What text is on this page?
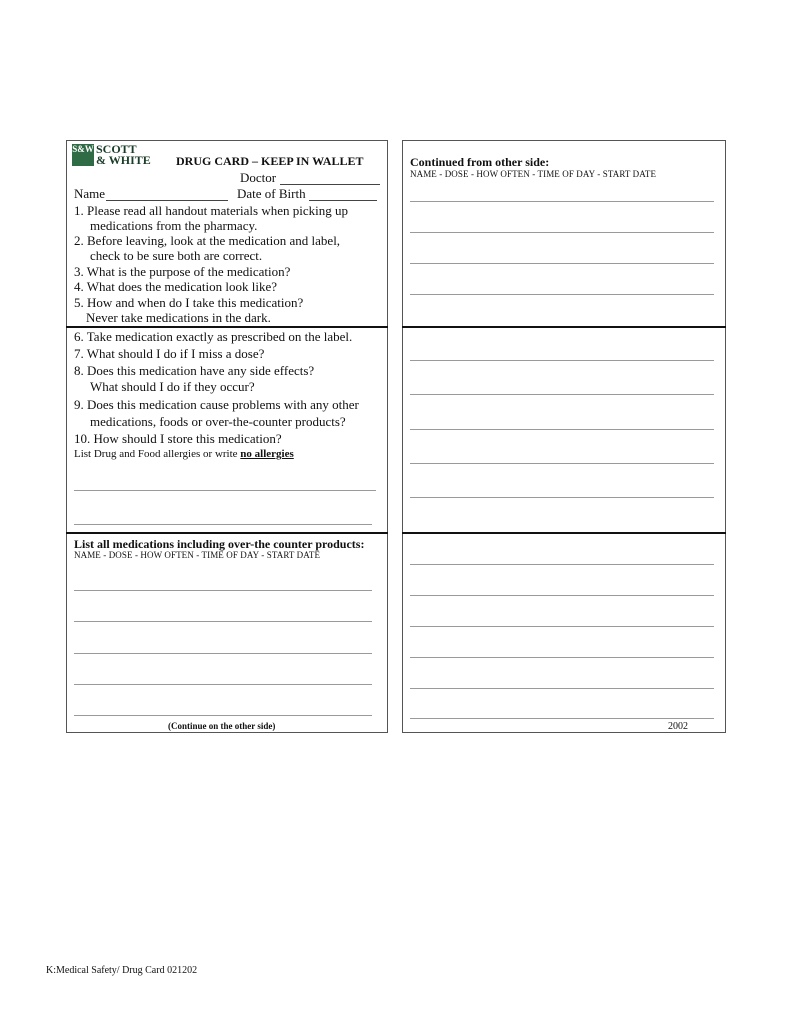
S&W SCOTT
& WHITE DRUG CARD – KEEP IN WALLET
Doctor
Name	Date of Birth
1. Please read all handout materials when picking up
medications from the pharmacy.
2. Before leaving, look at the medication and label,
check to be sure both are correct.
3. What is the purpose of the medication?
4. What does the medication look like?
5. How and when do I take this medication?
Never take medications in the dark.
6. Take medication exactly as prescribed on the label.
7. What should I do if I miss a dose?
8. Does this medication have any side effects?
What should I do if they occur?
9. Does this medication cause problems with any other
medications, foods or over-the-counter products?
10. How should I store this medication?
List Drug and Food allergies or write no allergies
List all medications including over-the counter products:
NAME - DOSE - HOW OFTEN - TIME OF DAY - START DATE
(Continue on the other side)
Continued from other side:
NAME - DOSE - HOW OFTEN - TIME OF DAY - START DATE
2002
K:Medical Safety/ Drug Card 021202
